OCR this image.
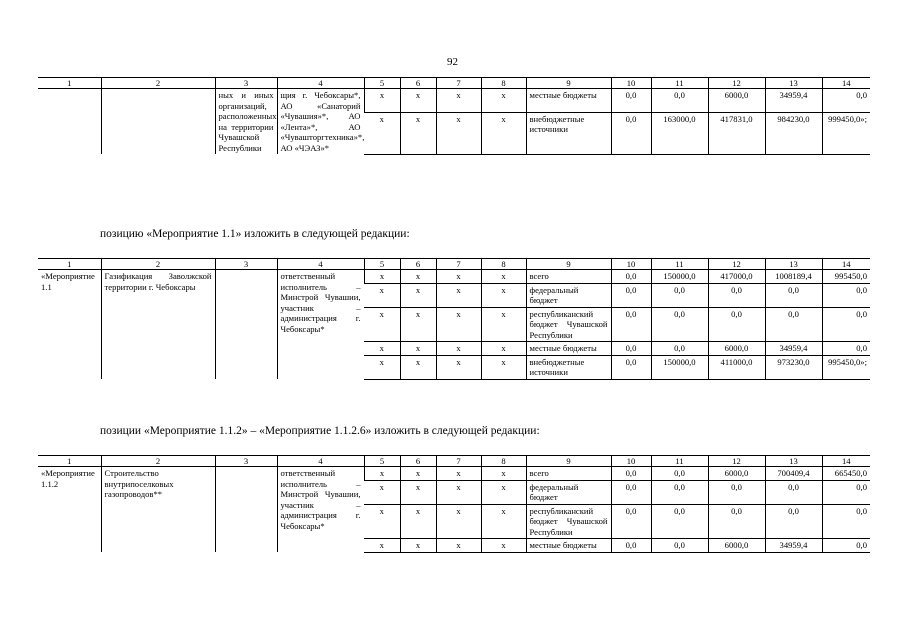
92
1	2	3	4	5	6	7	8	9	10	11	12	13	14
		ных и иных организаций, расположенных на территории Чувашской Республики	щия г. Чебоксары*, АО «Санаторий «Чувашия»*, АО «Лента»*, АО «Чувашторгтехника»*, АО «ЧЭАЗ»*	x	x	x	x	местные бюджеты	0,0	0,0	6000,0	34959,4	0,0
				x	x	x	x	внебюджетные источники	0,0	163000,0	417831,0	984230,0	999450,0»;
позицию «Мероприятие 1.1» изложить в следующей редакции:
1	2	3	4	5	6	7	8	9	10	11	12	13	14
«Мероприятие 1.1	Газификация Заволжской территории г. Чебоксары		ответственный исполнитель – Минстрой Чувашии, участник – администрация г. Чебоксары*	x	x	x	x	всего	0,0	150000,0	417000,0	1008189,4	995450,0
				x	x	x	x	федеральный бюджет	0,0	0,0	0,0	0,0	0,0
				x	x	x	x	республиканский бюджет Чувашской Республики	0,0	0,0	0,0	0,0	0,0
				x	x	x	x	местные бюджеты	0,0	0,0	6000,0	34959,4	0,0
				x	x	x	x	внебюджетные источники	0,0	150000,0	411000,0	973230,0	995450,0»;
позиции «Мероприятие 1.1.2» – «Мероприятие 1.1.2.6» изложить в следующей редакции:
1	2	3	4	5	6	7	8	9	10	11	12	13	14
«Мероприятие 1.1.2	Строительство внутрипоселковых газопроводов**		ответственный исполнитель – Минстрой Чувашии, участник – администрация г. Чебоксары*	x	x	x	x	всего	0,0	0,0	6000,0	700409,4	665450,0
				x	x	x	x	федеральный бюджет	0,0	0,0	0,0	0,0	0,0
				x	x	x	x	республиканский бюджет Чувашской Республики	0,0	0,0	0,0	0,0	0,0
				x	x	x	x	местные бюджеты	0,0	0,0	6000,0	34959,4	0,0
